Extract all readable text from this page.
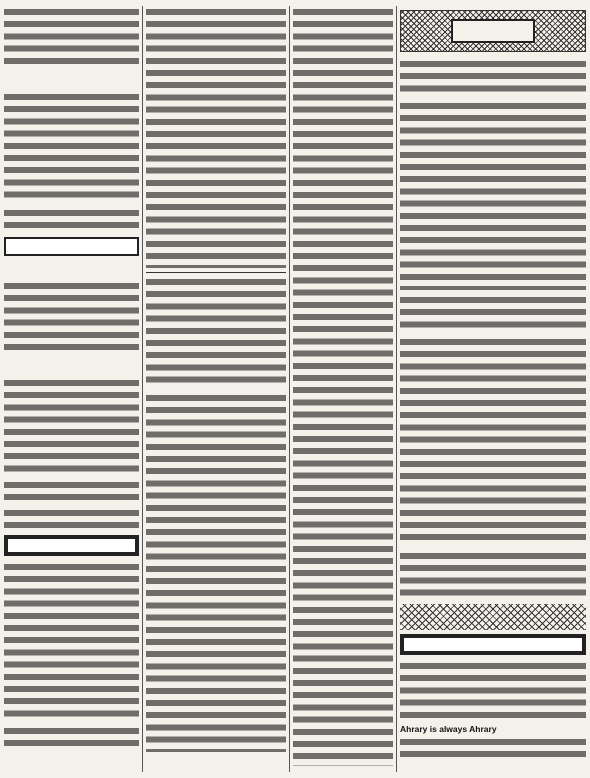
Ahrary is always Ahrary
